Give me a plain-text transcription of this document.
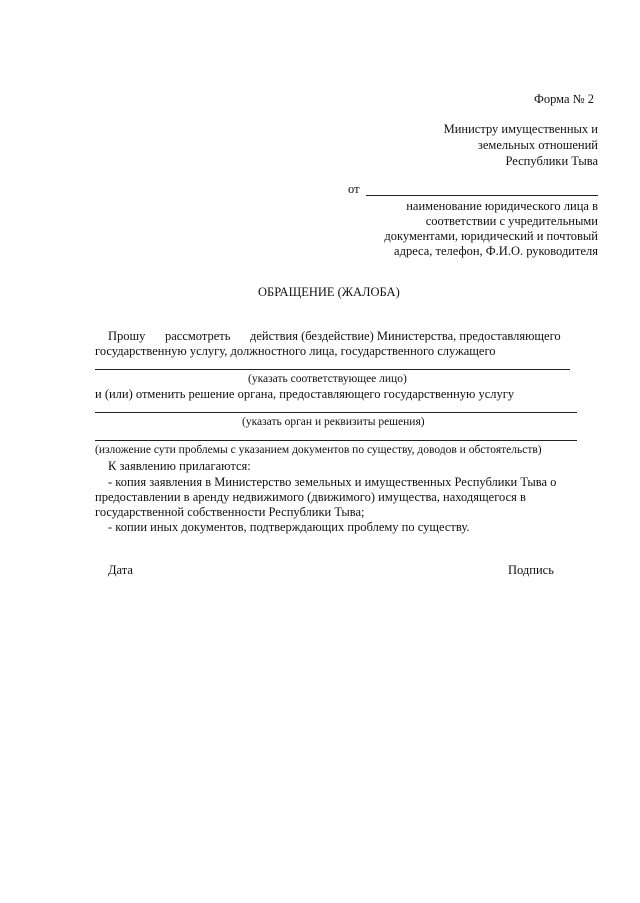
Форма № 2
Министру имущественных и
земельных отношений
Республики Тыва
от
наименование юридического лица в
соответствии с учредительными
документами, юридический и почтовый
адреса, телефон, Ф.И.О. руководителя
ОБРАЩЕНИЕ (ЖАЛОБА)
Прошу рассмотреть действия (бездействие) Министерства, предоставляющего
государственную услугу, должностного лица, государственного служащего
(указать соответствующее лицо)
и (или) отменить решение органа, предоставляющего государственную услугу
(указать орган и реквизиты решения)
(изложение сути проблемы с указанием документов по существу, доводов и обстоятельств)
К заявлению прилагаются:
- копия заявления в Министерство земельных и имущественных Республики Тыва о
предоставлении в аренду недвижимого (движимого) имущества, находящегося в
государственной собственности Республики Тыва;
- копии иных документов, подтверждающих проблему по существу.
Дата	Подпись
